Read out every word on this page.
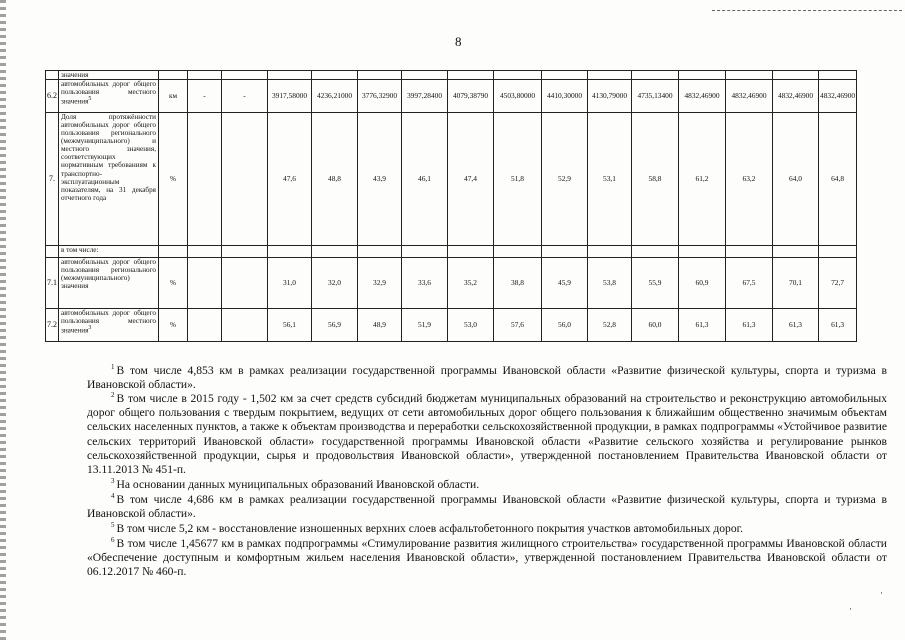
8
	значения																
6.2	автомобильных дорог общего пользования местного значения$^5$	км	-	-	3917,58000	4236,21000	3776,32900	3997,28400	4079,38790	4503,80000	4410,30000	4130,79000	4735,13400	4832,46900	4832,46900	4832,46900	4832,46900
7.	Доля протяжённости автомобильных дорог общего пользования регионального (межмуниципального) и местного значения, соответствующих нормативным требованиям к транспортно-эксплуатационным показателям, на 31 декабря отчетного года	%			47,6	48,8	43,9	46,1	47,4	51,8	52,9	53,1	58,8	61,2	63,2	64,0	64,8
	в том числе:																
7.1	автомобильных дорог общего пользования регионального (межмуниципального) значения	%			31,0	32,0	32,9	33,6	35,2	38,8	45,9	53,8	55,9	60,9	67,5	70,1	72,7
7.2	автомобильных дорог общего пользования местного значения$^3$	%			56,1	56,9	48,9	51,9	53,0	57,6	56,0	52,8	60,0	61,3	61,3	61,3	61,3
$^1$ В том числе 4,853 км в рамках реализации государственной программы Ивановской области «Развитие физической культуры, спорта и туризма в Ивановской области».
$^2$ В том числе в 2015 году - 1,502 км за счет средств субсидий бюджетам муниципальных образований на строительство и реконструкцию автомобильных дорог общего пользования с твердым покрытием, ведущих от сети автомобильных дорог общего пользования к ближайшим общественно значимым объектам сельских населенных пунктов, а также к объектам производства и переработки сельскохозяйственной продукции, в рамках подпрограммы «Устойчивое развитие сельских территорий Ивановской области» государственной программы Ивановской области «Развитие сельского хозяйства и регулирование рынков сельскохозяйственной продукции, сырья и продовольствия Ивановской области», утвержденной постановлением Правительства Ивановской области от 13.11.2013 № 451-п.
$^3$ На основании данных муниципальных образований Ивановской области.
$^4$ В том числе 4,686 км в рамках реализации государственной программы Ивановской области «Развитие физической культуры, спорта и туризма в Ивановской области».
$^5$ В том числе 5,2 км - восстановление изношенных верхних слоев асфальтобетонного покрытия участков автомобильных дорог.
$^6$ В том числе 1,45677 км в рамках подпрограммы «Стимулирование развития жилищного строительства» государственной программы Ивановской области «Обеспечение доступным и комфортным жильем населения Ивановской области», утвержденной постановлением Правительства Ивановской области от 06.12.2017 № 460-п.
·
·
